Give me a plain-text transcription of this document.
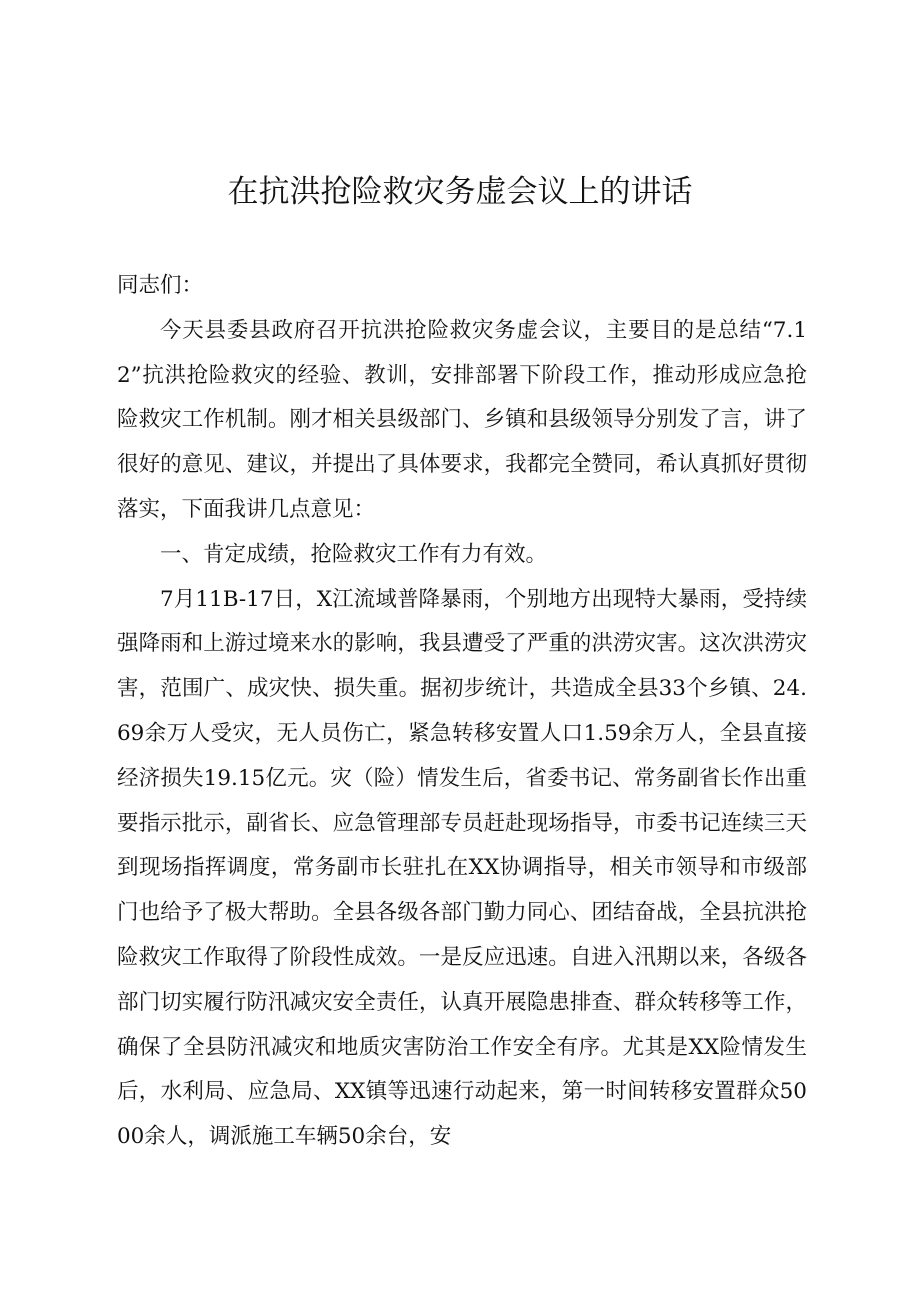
在抗洪抢险救灾务虚会议上的讲话

同志们：

今天县委县政府召开抗洪抢险救灾务虚会议，主要目的是总结“7.12”抗洪抢险救灾的经验、教训，安排部署下阶段工作，推动形成应急抢险救灾工作机制。刚才相关县级部门、乡镇和县级领导分别发了言，讲了很好的意见、建议，并提出了具体要求，我都完全赞同，希认真抓好贯彻落实，下面我讲几点意见：

一、肯定成绩，抢险救灾工作有力有效。

7月11B-17日，X江流域普降暴雨，个别地方出现特大暴雨，受持续强降雨和上游过境来水的影响，我县遭受了严重的洪涝灾害。这次洪涝灾害，范围广、成灾快、损失重。据初步统计，共造成全县33个乡镇、24.69余万人受灾，无人员伤亡，紧急转移安置人口1.59余万人，全县直接经济损失19.15亿元。灾（险）情发生后，省委书记、常务副省长作出重要指示批示，副省长、应急管理部专员赶赴现场指导，市委书记连续三天到现场指挥调度，常务副市长驻扎在XX协调指导，相关市领导和市级部门也给予了极大帮助。全县各级各部门勤力同心、团结奋战，全县抗洪抢险救灾工作取得了阶段性成效。一是反应迅速。自进入汛期以来，各级各部门切实履行防汛减灾安全责任，认真开展隐患排查、群众转移等工作，确保了全县防汛减灾和地质灾害防治工作安全有序。尤其是XX险情发生后，水利局、应急局、XX镇等迅速行动起来，第一时间转移安置群众5000余人，调派施工车辆50余台，安
